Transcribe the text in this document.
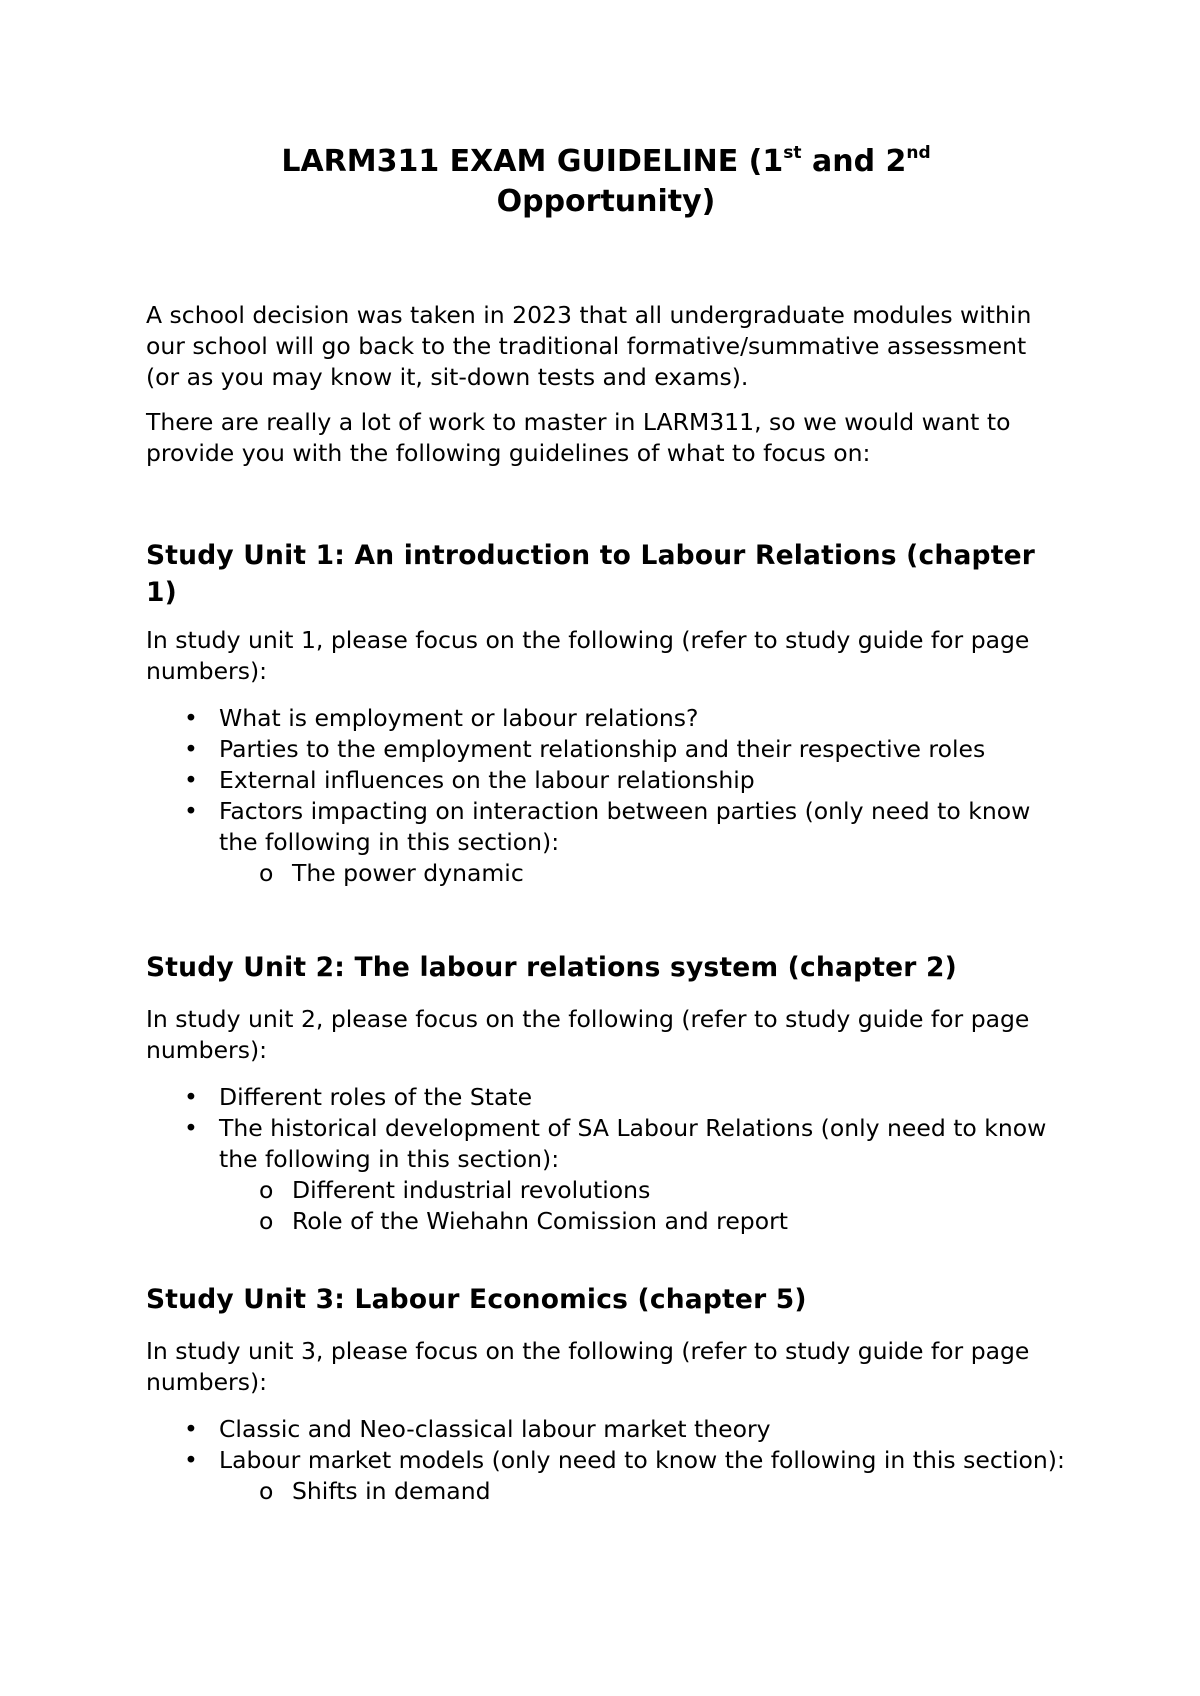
LARM311 EXAM GUIDELINE (1st and 2nd
Opportunity)

A school decision was taken in 2023 that all undergraduate modules within our school will go back to the traditional formative/summative assessment (or as you may know it, sit-down tests and exams).

There are really a lot of work to master in LARM311, so we would want to provide you with the following guidelines of what to focus on:

Study Unit 1: An introduction to Labour Relations (chapter 1)

In study unit 1, please focus on the following (refer to study guide for page numbers):

• What is employment or labour relations?
• Parties to the employment relationship and their respective roles
• External influences on the labour relationship
• Factors impacting on interaction between parties (only need to know the following in this section):
o The power dynamic
Study Unit 2: The labour relations system (chapter 2)

In study unit 2, please focus on the following (refer to study guide for page numbers):

• Different roles of the State
• The historical development of SA Labour Relations (only need to know the following in this section):
o Different industrial revolutions
o Role of the Wiehahn Comission and report
Study Unit 3: Labour Economics (chapter 5)

In study unit 3, please focus on the following (refer to study guide for page numbers):

• Classic and Neo-classical labour market theory
• Labour market models (only need to know the following in this section):
o Shifts in demand
